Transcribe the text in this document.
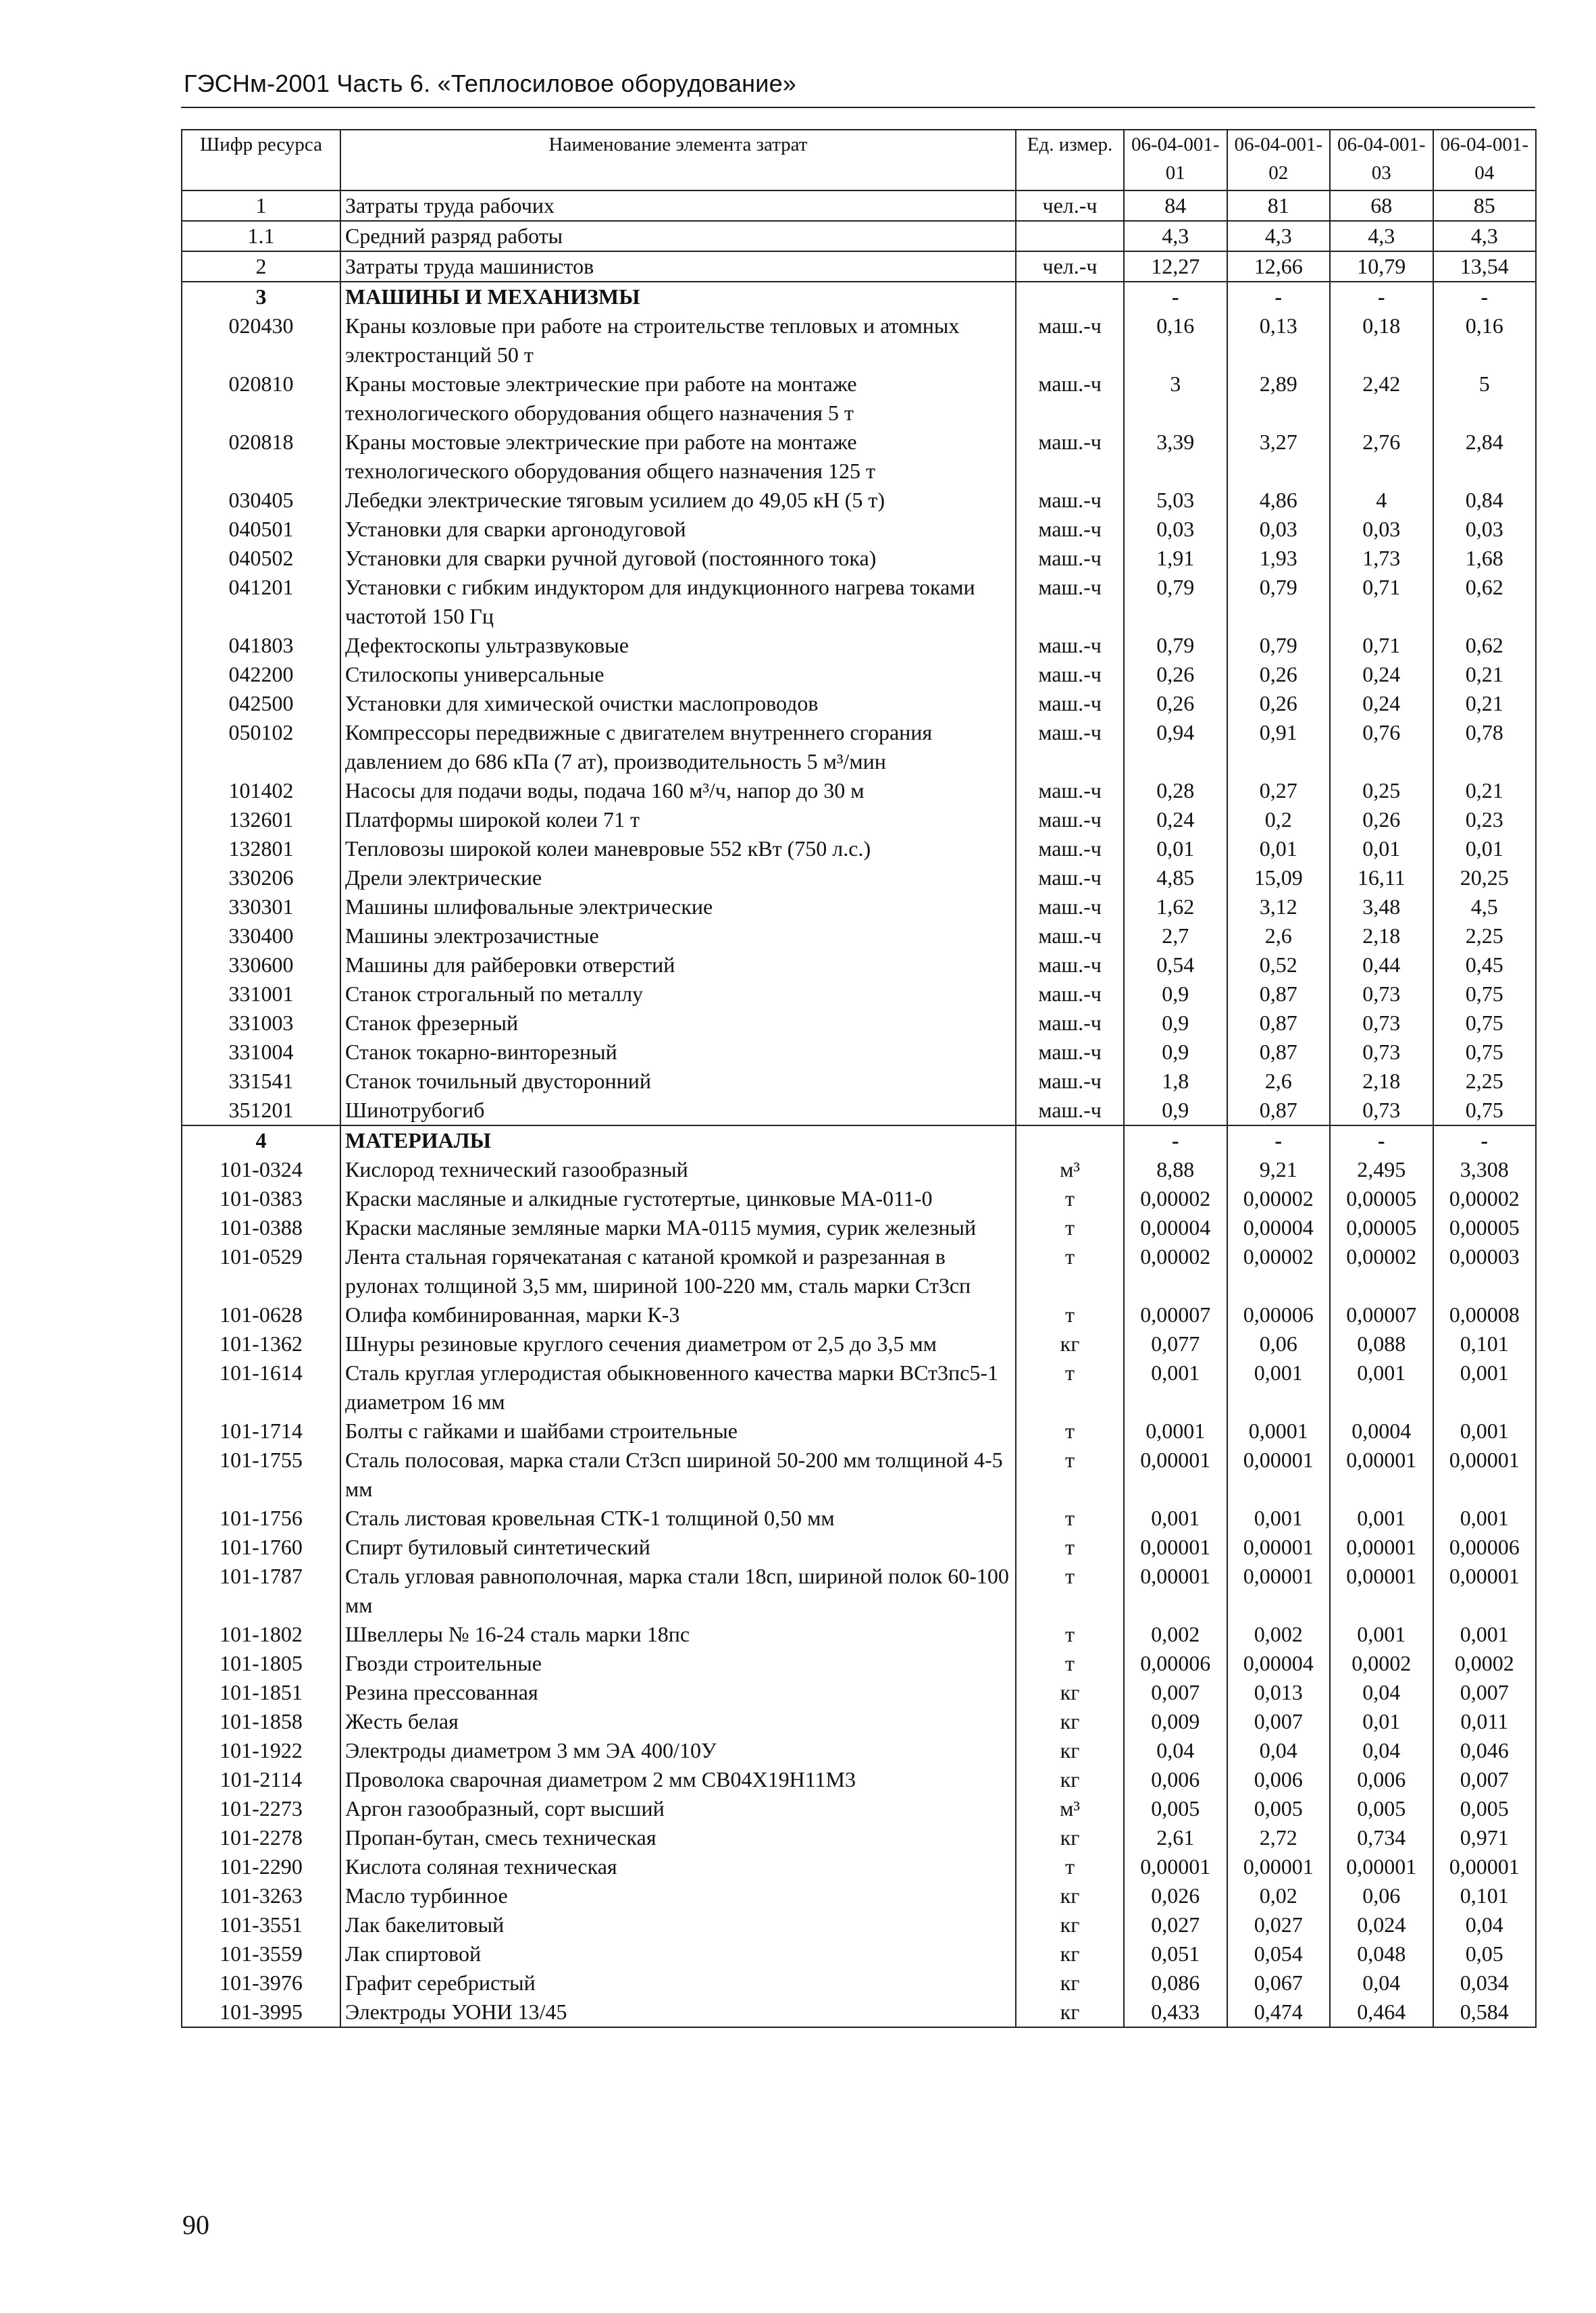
ГЭСНм-2001 Часть 6. «Теплосиловое оборудование»
Шифр ресурса	Наименование элемента затрат	Ед. измер.	06-04-001-01	06-04-001-02	06-04-001-03	06-04-001-04
1	Затраты труда рабочих	чел.-ч	84	81	68	85
1.1	Средний разряд работы		4,3	4,3	4,3	4,3
2	Затраты труда машинистов	чел.-ч	12,27	12,66	10,79	13,54
3	МАШИНЫ И МЕХАНИЗМЫ		-	-	-	-
020430	Краны козловые при работе на строительстве тепловых и атомных электростанций 50 т	маш.-ч	0,16	0,13	0,18	0,16
020810	Краны мостовые электрические при работе на монтаже технологического оборудования общего назначения 5 т	маш.-ч	3	2,89	2,42	5
020818	Краны мостовые электрические при работе на монтаже технологического оборудования общего назначения 125 т	маш.-ч	3,39	3,27	2,76	2,84
030405	Лебедки электрические тяговым усилием до 49,05 кН (5 т)	маш.-ч	5,03	4,86	4	0,84
040501	Установки для сварки аргонодуговой	маш.-ч	0,03	0,03	0,03	0,03
040502	Установки для сварки ручной дуговой (постоянного тока)	маш.-ч	1,91	1,93	1,73	1,68
041201	Установки с гибким индуктором для индукционного нагрева токами частотой 150 Гц	маш.-ч	0,79	0,79	0,71	0,62
041803	Дефектоскопы ультразвуковые	маш.-ч	0,79	0,79	0,71	0,62
042200	Стилоскопы универсальные	маш.-ч	0,26	0,26	0,24	0,21
042500	Установки для химической очистки маслопроводов	маш.-ч	0,26	0,26	0,24	0,21
050102	Компрессоры передвижные с двигателем внутреннего сгорания давлением до 686 кПа (7 ат), производительность 5 м³/мин	маш.-ч	0,94	0,91	0,76	0,78
101402	Насосы для подачи воды, подача 160 м³/ч, напор до 30 м	маш.-ч	0,28	0,27	0,25	0,21
132601	Платформы широкой колеи 71 т	маш.-ч	0,24	0,2	0,26	0,23
132801	Тепловозы широкой колеи маневровые 552 кВт (750 л.с.)	маш.-ч	0,01	0,01	0,01	0,01
330206	Дрели электрические	маш.-ч	4,85	15,09	16,11	20,25
330301	Машины шлифовальные электрические	маш.-ч	1,62	3,12	3,48	4,5
330400	Машины электрозачистные	маш.-ч	2,7	2,6	2,18	2,25
330600	Машины для райберовки отверстий	маш.-ч	0,54	0,52	0,44	0,45
331001	Станок строгальный по металлу	маш.-ч	0,9	0,87	0,73	0,75
331003	Станок фрезерный	маш.-ч	0,9	0,87	0,73	0,75
331004	Станок токарно-винторезный	маш.-ч	0,9	0,87	0,73	0,75
331541	Станок точильный двусторонний	маш.-ч	1,8	2,6	2,18	2,25
351201	Шинотрубогиб	маш.-ч	0,9	0,87	0,73	0,75
4	МАТЕРИАЛЫ		-	-	-	-
101-0324	Кислород технический газообразный	м³	8,88	9,21	2,495	3,308
101-0383	Краски масляные и алкидные густотертые, цинковые МА-011-0	т	0,00002	0,00002	0,00005	0,00002
101-0388	Краски масляные земляные марки МА-0115 мумия, сурик железный	т	0,00004	0,00004	0,00005	0,00005
101-0529	Лента стальная горячекатаная с катаной кромкой и разрезанная в рулонах толщиной 3,5 мм, шириной 100-220 мм, сталь марки Ст3сп	т	0,00002	0,00002	0,00002	0,00003
101-0628	Олифа комбинированная, марки К-3	т	0,00007	0,00006	0,00007	0,00008
101-1362	Шнуры резиновые круглого сечения диаметром от 2,5 до 3,5 мм	кг	0,077	0,06	0,088	0,101
101-1614	Сталь круглая углеродистая обыкновенного качества марки ВСт3пс5-1 диаметром 16 мм	т	0,001	0,001	0,001	0,001
101-1714	Болты с гайками и шайбами строительные	т	0,0001	0,0001	0,0004	0,001
101-1755	Сталь полосовая, марка стали Ст3сп шириной 50-200 мм толщиной 4-5 мм	т	0,00001	0,00001	0,00001	0,00001
101-1756	Сталь листовая кровельная СТК-1 толщиной 0,50 мм	т	0,001	0,001	0,001	0,001
101-1760	Спирт бутиловый синтетический	т	0,00001	0,00001	0,00001	0,00006
101-1787	Сталь угловая равнополочная, марка стали 18сп, шириной полок 60-100 мм	т	0,00001	0,00001	0,00001	0,00001
101-1802	Швеллеры № 16-24 сталь марки 18пс	т	0,002	0,002	0,001	0,001
101-1805	Гвозди строительные	т	0,00006	0,00004	0,0002	0,0002
101-1851	Резина прессованная	кг	0,007	0,013	0,04	0,007
101-1858	Жесть белая	кг	0,009	0,007	0,01	0,011
101-1922	Электроды диаметром 3 мм ЭА 400/10У	кг	0,04	0,04	0,04	0,046
101-2114	Проволока сварочная диаметром 2 мм СВ04Х19Н11М3	кг	0,006	0,006	0,006	0,007
101-2273	Аргон газообразный, сорт высший	м³	0,005	0,005	0,005	0,005
101-2278	Пропан-бутан, смесь техническая	кг	2,61	2,72	0,734	0,971
101-2290	Кислота соляная техническая	т	0,00001	0,00001	0,00001	0,00001
101-3263	Масло турбинное	кг	0,026	0,02	0,06	0,101
101-3551	Лак бакелитовый	кг	0,027	0,027	0,024	0,04
101-3559	Лак спиртовой	кг	0,051	0,054	0,048	0,05
101-3976	Графит серебристый	кг	0,086	0,067	0,04	0,034
101-3995	Электроды УОНИ 13/45	кг	0,433	0,474	0,464	0,584
90
